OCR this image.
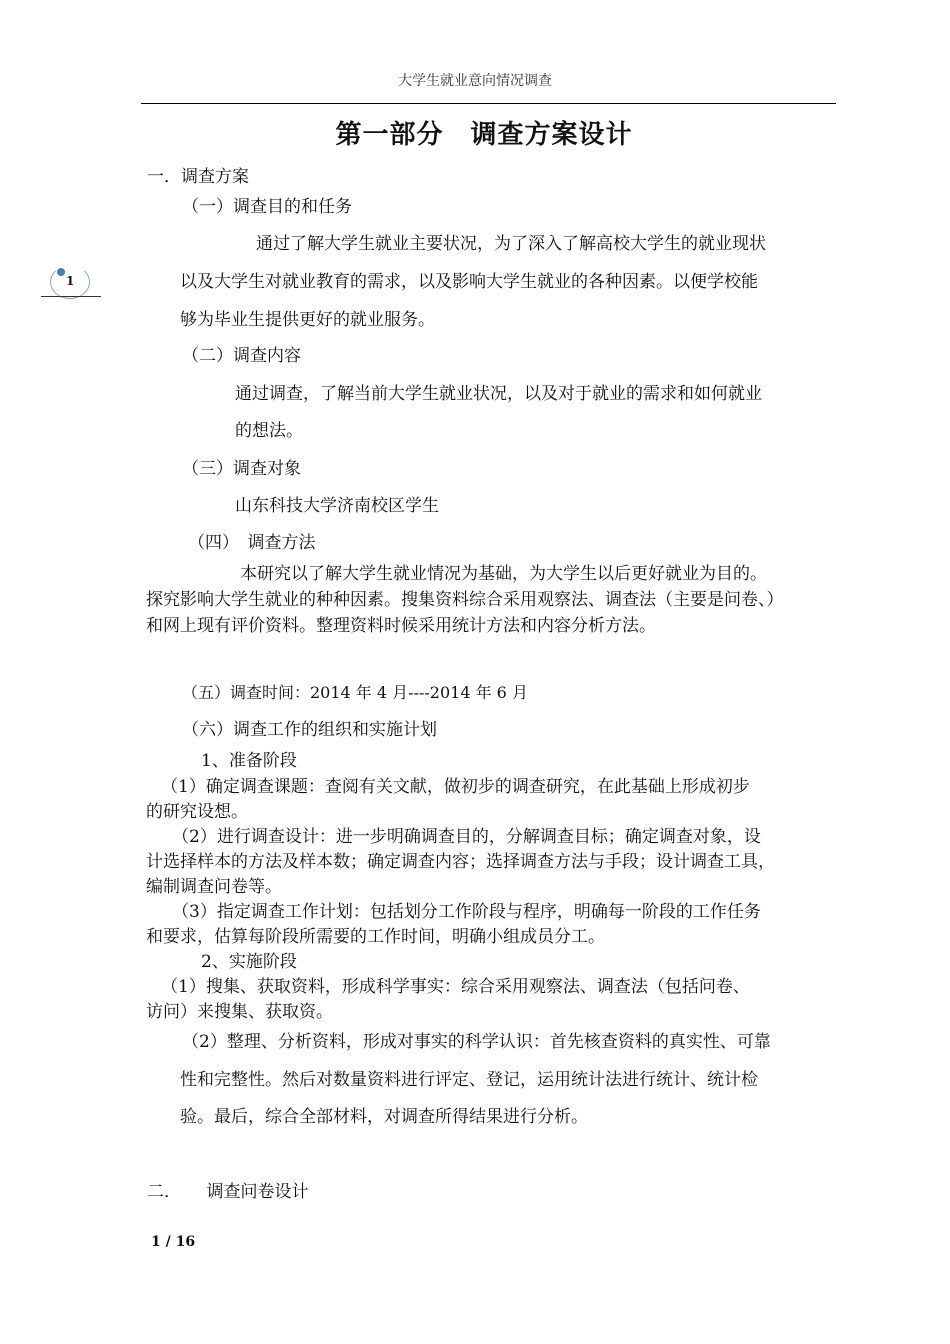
大学生就业意向情况调查
第一部分　调查方案设计
一．调查方案
（一）调查目的和任务
1
通过了解大学生就业主要状况，为了深入了解高校大学生的就业现状
以及大学生对就业教育的需求，以及影响大学生就业的各种因素。以便学校能
够为毕业生提供更好的就业服务。
（二）调查内容
通过调查，了解当前大学生就业状况，以及对于就业的需求和如何就业
的想法。
（三）调查对象
山东科技大学济南校区学生
（四）　调查方法
本研究以了解大学生就业情况为基础，为大学生以后更好就业为目的。
探究影响大学生就业的种种因素。搜集资料综合采用观察法、调查法（主要是问卷、）
和网上现有评价资料。整理资料时候采用统计方法和内容分析方法。
（五）调查时间：2014 年 4 月----2014 年 6 月
（六）调查工作的组织和实施计划
1、准备阶段
（1）确定调查课题：查阅有关文献，做初步的调查研究，在此基础上形成初步
的研究设想。
（2）进行调查设计：进一步明确调查目的，分解调查目标；确定调查对象，设
计选择样本的方法及样本数；确定调查内容；选择调查方法与手段；设计调查工具，
编制调查问卷等。
（3）指定调查工作计划：包括划分工作阶段与程序，明确每一阶段的工作任务
和要求，估算每阶段所需要的工作时间，明确小组成员分工。
2、实施阶段
（1）搜集、获取资料，形成科学事实：综合采用观察法、调查法（包括问卷、
访问）来搜集、获取资。
（2）整理、分析资料，形成对事实的科学认识：首先核查资料的真实性、可靠
性和完整性。然后对数量资料进行评定、登记，运用统计法进行统计、统计检
验。最后，综合全部材料，对调查所得结果进行分析。
二．　　调查问卷设计
1 / 16
